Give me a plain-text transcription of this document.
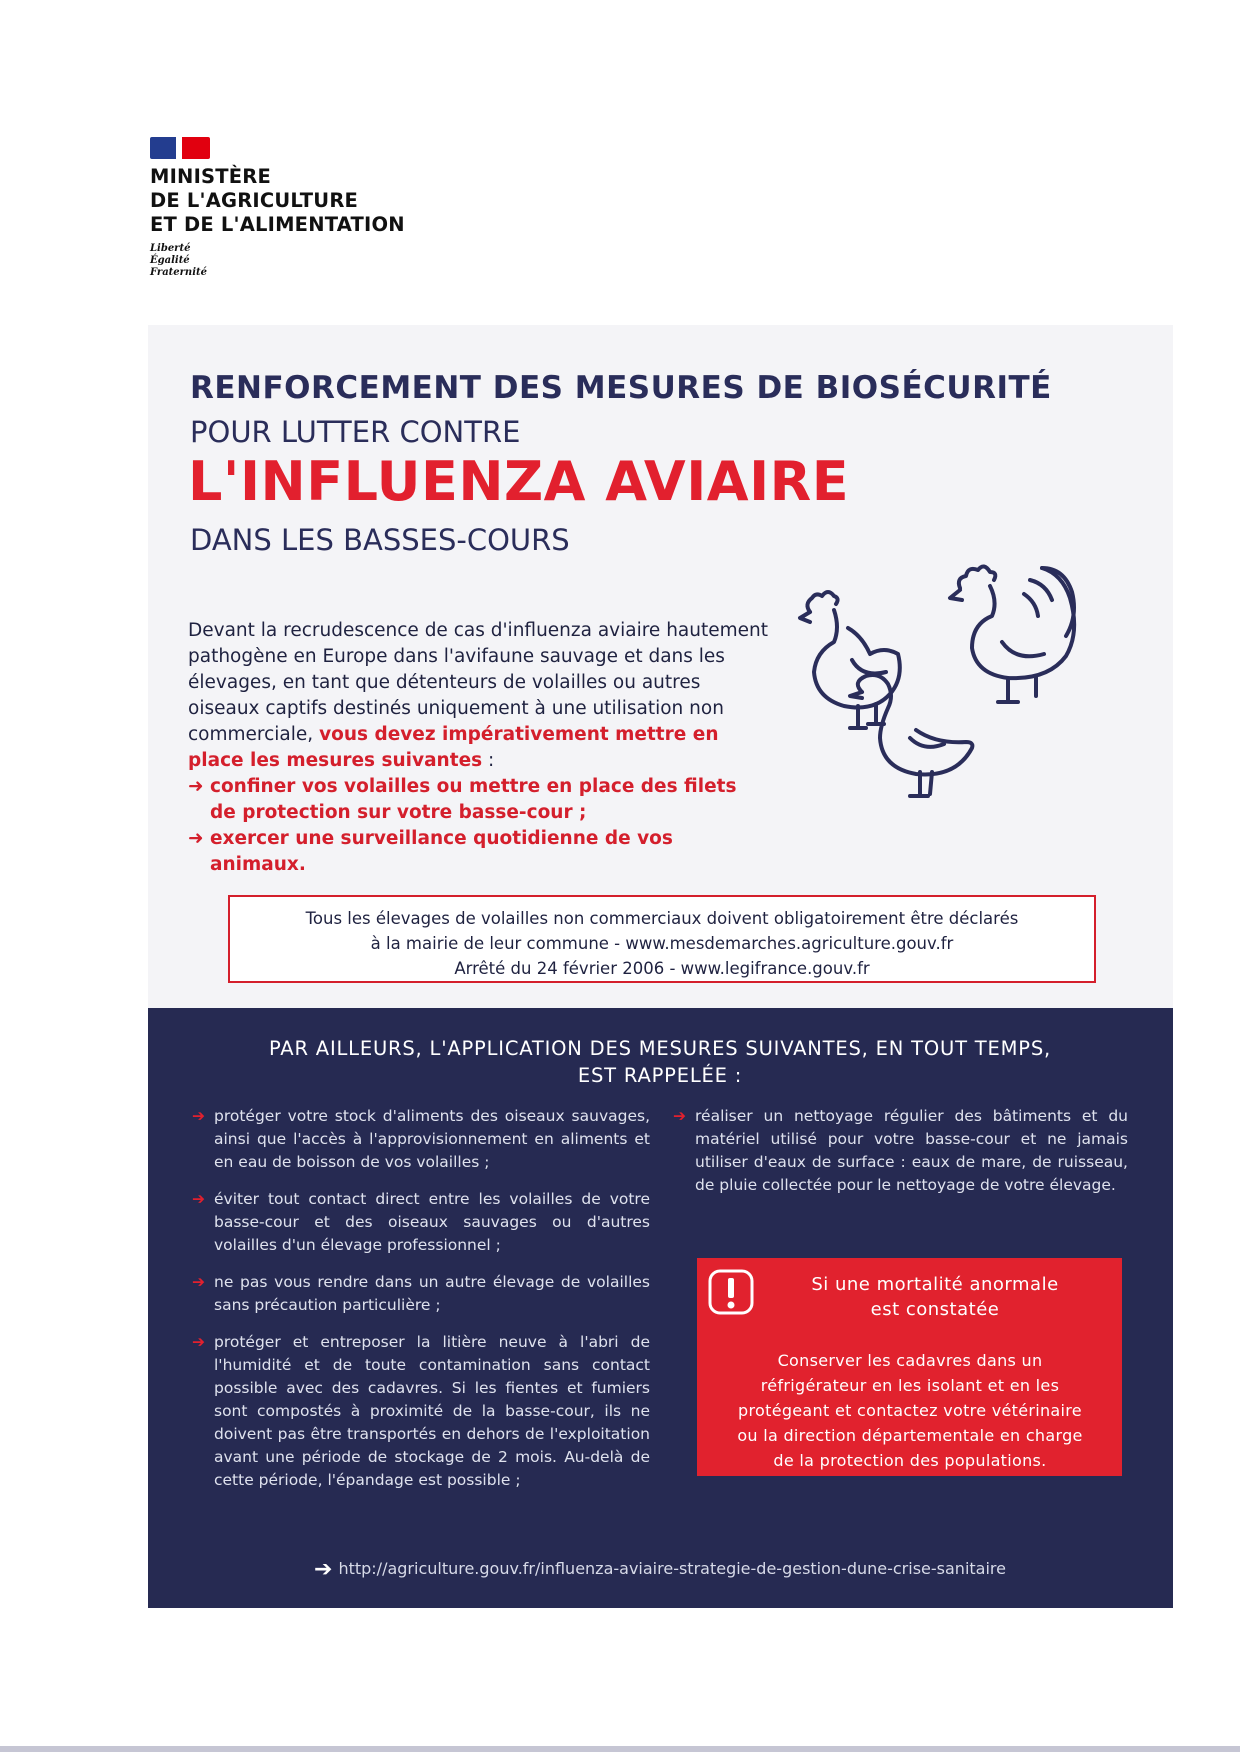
MINISTÈRE
DE L'AGRICULTURE
ET DE L'ALIMENTATION
Liberté
Égalité
Fraternité
RENFORCEMENT DES MESURES DE BIOSÉCURITÉ
POUR LUTTER CONTRE
L'INFLUENZA AVIAIRE
DANS LES BASSES-COURS
Devant la recrudescence de cas d'influenza aviaire hautement pathogène en Europe dans l'avifaune sauvage et dans les élevages, en tant que détenteurs de volailles ou autres oiseaux captifs destinés uniquement à une utilisation non commerciale, vous devez impérativement mettre en place les mesures suivantes :
➜ confiner vos volailles ou mettre en place des filets de protection sur votre basse-cour ;
➜ exercer une surveillance quotidienne de vos animaux.
Tous les élevages de volailles non commerciaux doivent obligatoirement être déclarés
à la mairie de leur commune - www.mesdemarches.agriculture.gouv.fr
Arrêté du 24 février 2006 - www.legifrance.gouv.fr
PAR AILLEURS, L'APPLICATION DES MESURES SUIVANTES, EN TOUT TEMPS,
EST RAPPELÉE :
➔ protéger votre stock d'aliments des oiseaux sauvages, ainsi que l'accès à l'approvisionnement en aliments et en eau de boisson de vos volailles ;
➔ éviter tout contact direct entre les volailles de votre basse-cour et des oiseaux sauvages ou d'autres volailles d'un élevage professionnel ;
➔ ne pas vous rendre dans un autre élevage de volailles sans précaution particulière ;
➔ protéger et entreposer la litière neuve à l'abri de l'humidité et de toute contamination sans contact possible avec des cadavres. Si les fientes et fumiers sont compostés à proximité de la basse-cour, ils ne doivent pas être transportés en dehors de l'exploitation avant une période de stockage de 2 mois. Au-delà de cette période, l'épandage est possible ;
➔ réaliser un nettoyage régulier des bâtiments et du matériel utilisé pour votre basse-cour et ne jamais utiliser d'eaux de surface : eaux de mare, de ruisseau, de pluie collectée pour le nettoyage de votre élevage.
Si une mortalité anormale
est constatée
Conserver les cadavres dans un
réfrigérateur en les isolant et en les
protégeant et contactez votre vétérinaire
ou la direction départementale en charge
de la protection des populations.
➔ http://agriculture.gouv.fr/influenza-aviaire-strategie-de-gestion-dune-crise-sanitaire
